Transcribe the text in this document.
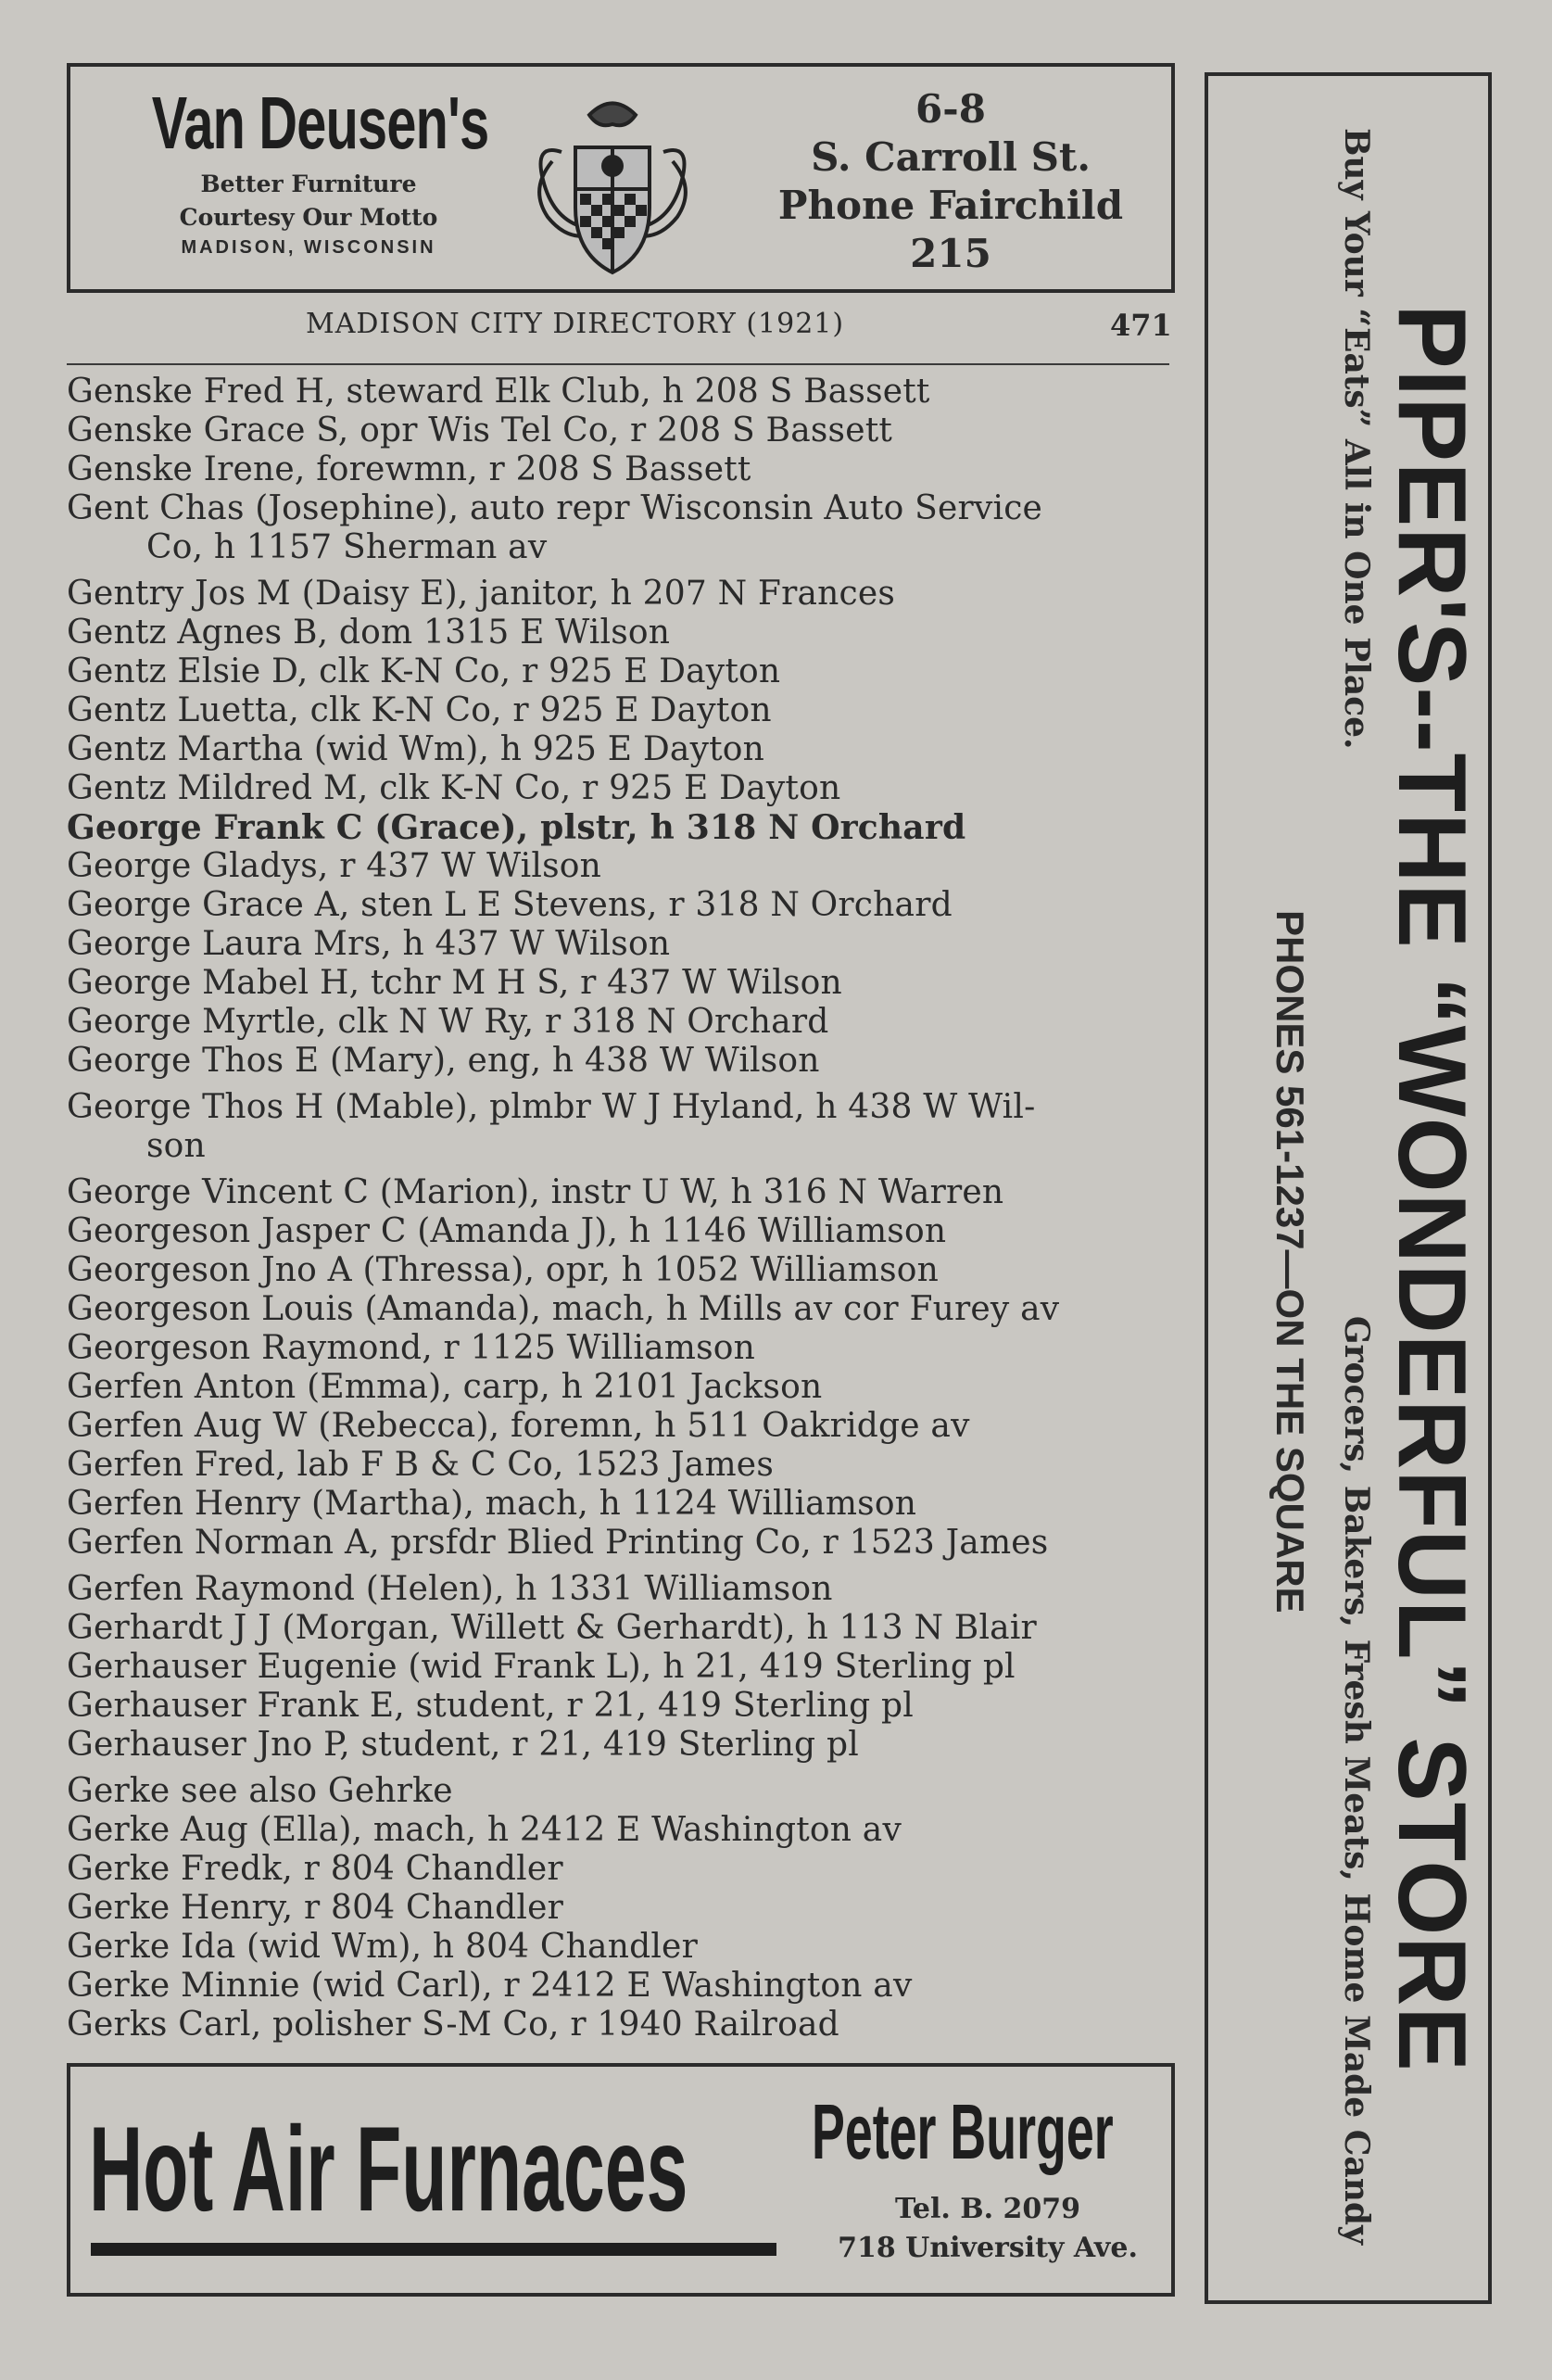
Van Deusen's
Better Furniture
Courtesy Our Motto
MADISON, WISCONSIN
6-8
S. Carroll St.
Phone Fairchild
215
MADISON CITY DIRECTORY (1921)	471
Genske Fred H, steward Elk Club, h 208 S Bassett
Genske Grace S, opr Wis Tel Co, r 208 S Bassett
Genske Irene, forewmn, r 208 S Bassett
Gent Chas (Josephine), auto repr Wisconsin Auto Service
Co, h 1157 Sherman av
Gentry Jos M (Daisy E), janitor, h 207 N Frances
Gentz Agnes B, dom 1315 E Wilson
Gentz Elsie D, clk K-N Co, r 925 E Dayton
Gentz Luetta, clk K-N Co, r 925 E Dayton
Gentz Martha (wid Wm), h 925 E Dayton
Gentz Mildred M, clk K-N Co, r 925 E Dayton
George Frank C (Grace), plstr, h 318 N Orchard
George Gladys, r 437 W Wilson
George Grace A, sten L E Stevens, r 318 N Orchard
George Laura Mrs, h 437 W Wilson
George Mabel H, tchr M H S, r 437 W Wilson
George Myrtle, clk N W Ry, r 318 N Orchard
George Thos E (Mary), eng, h 438 W Wilson
George Thos H (Mable), plmbr W J Hyland, h 438 W Wil-
son
George Vincent C (Marion), instr U W, h 316 N Warren
Georgeson Jasper C (Amanda J), h 1146 Williamson
Georgeson Jno A (Thressa), opr, h 1052 Williamson
Georgeson Louis (Amanda), mach, h Mills av cor Furey av
Georgeson Raymond, r 1125 Williamson
Gerfen Anton (Emma), carp, h 2101 Jackson
Gerfen Aug W (Rebecca), foremn, h 511 Oakridge av
Gerfen Fred, lab F B & C Co, 1523 James
Gerfen Henry (Martha), mach, h 1124 Williamson
Gerfen Norman A, prsfdr Blied Printing Co, r 1523 James
Gerfen Raymond (Helen), h 1331 Williamson
Gerhardt J J (Morgan, Willett & Gerhardt), h 113 N Blair
Gerhauser Eugenie (wid Frank L), h 21, 419 Sterling pl
Gerhauser Frank E, student, r 21, 419 Sterling pl
Gerhauser Jno P, student, r 21, 419 Sterling pl
Gerke see also Gehrke
Gerke Aug (Ella), mach, h 2412 E Washington av
Gerke Fredk, r 804 Chandler
Gerke Henry, r 804 Chandler
Gerke Ida (wid Wm), h 804 Chandler
Gerke Minnie (wid Carl), r 2412 E Washington av
Gerks Carl, polisher S-M Co, r 1940 Railroad
Hot Air Furnaces Peter Burger
Tel. B. 2079
718 University Ave.
PIPER'S--THE “WONDERFUL” STORE
Buy Your “Eats” All in One Place.
Grocers, Bakers, Fresh Meats, Home Made Candy
PHONES 561-1237—ON THE SQUARE
